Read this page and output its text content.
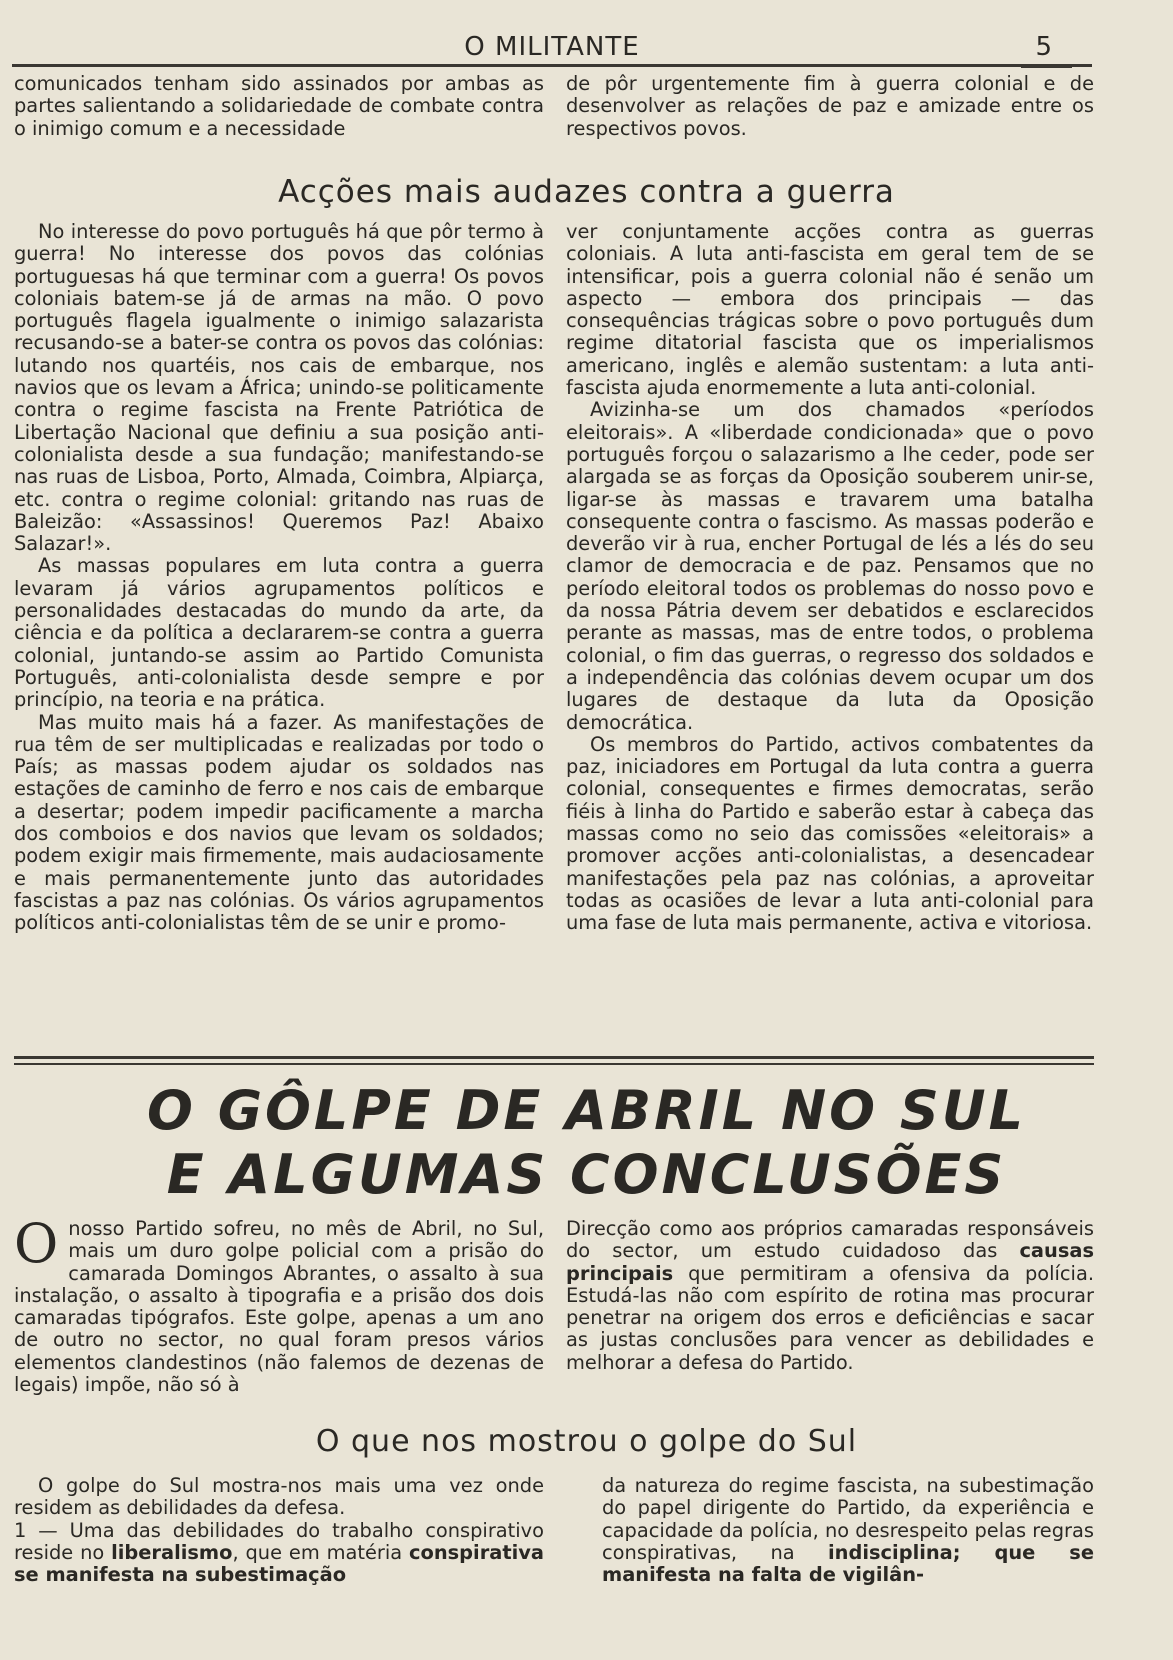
O MILITANTE	5

comunicados tenham sido assinados por ambas as partes salientando a solidariedade de combate contra o inimigo comum e a necessidade

de pôr urgentemente fim à guerra colonial e de desenvolver as relações de paz e amizade entre os respectivos povos.

Acções mais audazes contra a guerra

No interesse do povo português há que pôr termo à guerra! No interesse dos povos das colónias portuguesas há que terminar com a guerra! Os povos coloniais batem-se já de armas na mão. O povo português flagela igualmente o inimigo salazarista recusando-se a bater-se contra os povos das colónias: lutando nos quartéis, nos cais de embarque, nos navios que os levam a África; unindo-se politicamente contra o regime fascista na Frente Patriótica de Libertação Nacional que definiu a sua posição anti-colonialista desde a sua fundação; manifestando-se nas ruas de Lisboa, Porto, Almada, Coimbra, Alpiarça, etc. contra o regime colonial: gritando nas ruas de Baleizão: «Assassinos! Queremos Paz! Abaixo Salazar!».

As massas populares em luta contra a guerra levaram já vários agrupamentos políticos e personalidades destacadas do mundo da arte, da ciência e da política a declararem-se contra a guerra colonial, juntando-se assim ao Partido Comunista Português, anti-colonialista desde sempre e por princípio, na teoria e na prática.

Mas muito mais há a fazer. As manifestações de rua têm de ser multiplicadas e realizadas por todo o País; as massas podem ajudar os soldados nas estações de caminho de ferro e nos cais de embarque a desertar; podem impedir pacificamente a marcha dos comboios e dos navios que levam os soldados; podem exigir mais firmemente, mais audaciosamente e mais permanentemente junto das autoridades fascistas a paz nas colónias. Os vários agrupamentos políticos anti-colonialistas têm de se unir e promo-

ver conjuntamente acções contra as guerras coloniais. A luta anti-fascista em geral tem de se intensificar, pois a guerra colonial não é senão um aspecto — embora dos principais — das consequências trágicas sobre o povo português dum regime ditatorial fascista que os imperialismos americano, inglês e alemão sustentam: a luta anti-fascista ajuda enormemente a luta anti-colonial.

Avizinha-se um dos chamados «períodos eleitorais». A «liberdade condicionada» que o povo português forçou o salazarismo a lhe ceder, pode ser alargada se as forças da Oposição souberem unir-se, ligar-se às massas e travarem uma batalha consequente contra o fascismo. As massas poderão e deverão vir à rua, encher Portugal de lés a lés do seu clamor de democracia e de paz. Pensamos que no período eleitoral todos os problemas do nosso povo e da nossa Pátria devem ser debatidos e esclarecidos perante as massas, mas de entre todos, o problema colonial, o fim das guerras, o regresso dos soldados e a independência das colónias devem ocupar um dos lugares de destaque da luta da Oposição democrática.

Os membros do Partido, activos combatentes da paz, iniciadores em Portugal da luta contra a guerra colonial, consequentes e firmes democratas, serão fiéis à linha do Partido e saberão estar à cabeça das massas como no seio das comissões «eleitorais» a promover acções anti-colonialistas, a desencadear manifestações pela paz nas colónias, a aproveitar todas as ocasiões de levar a luta anti-colonial para uma fase de luta mais permanente, activa e vitoriosa.

O GÔLPE DE ABRIL NO SUL
E ALGUMAS CONCLUSÕES

O nosso Partido sofreu, no mês de Abril, no Sul, mais um duro golpe policial com a prisão do camarada Domingos Abrantes, o assalto à sua instalação, o assalto à tipografia e a prisão dos dois camaradas tipógrafos. Este golpe, apenas a um ano de outro no sector, no qual foram presos vários elementos clandestinos (não falemos de dezenas de legais) impõe, não só à

Direcção como aos próprios camaradas responsáveis do sector, um estudo cuidadoso das causas principais que permitiram a ofensiva da polícia. Estudá-las não com espírito de rotina mas procurar penetrar na origem dos erros e deficiências e sacar as justas conclusões para vencer as debilidades e melhorar a defesa do Partido.

O que nos mostrou o golpe do Sul

O golpe do Sul mostra-nos mais uma vez onde residem as debilidades da defesa.

1 — Uma das debilidades do trabalho conspirativo reside no liberalismo, que em matéria conspirativa se manifesta na subestimação

da natureza do regime fascista, na subestimação do papel dirigente do Partido, da experiência e capacidade da polícia, no desrespeito pelas regras conspirativas, na indisciplina; que se manifesta na falta de vigilân-
